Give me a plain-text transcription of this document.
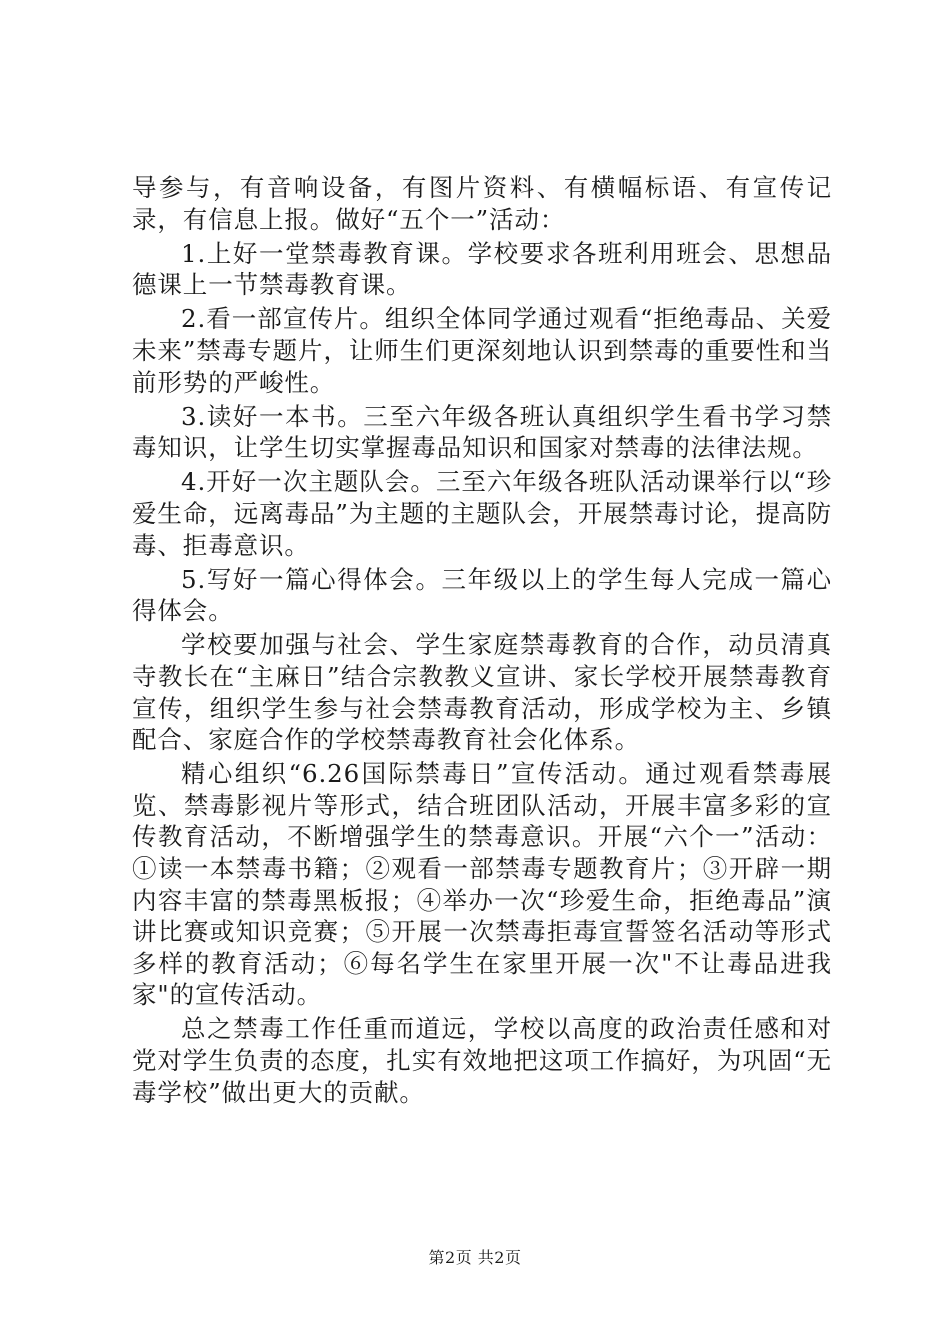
导参与，有音响设备，有图片资料、有横幅标语、有宣传记录，有信息上报。做好“五个一”活动：

1.上好一堂禁毒教育课。学校要求各班利用班会、思想品德课上一节禁毒教育课。

2.看一部宣传片。组织全体同学通过观看“拒绝毒品、关爱未来”禁毒专题片，让师生们更深刻地认识到禁毒的重要性和当前形势的严峻性。

3.读好一本书。三至六年级各班认真组织学生看书学习禁毒知识，让学生切实掌握毒品知识和国家对禁毒的法律法规。

4.开好一次主题队会。三至六年级各班队活动课举行以“珍爱生命，远离毒品”为主题的主题队会，开展禁毒讨论，提高防毒、拒毒意识。

5.写好一篇心得体会。三年级以上的学生每人完成一篇心得体会。

学校要加强与社会、学生家庭禁毒教育的合作，动员清真寺教长在“主麻日”结合宗教教义宣讲、家长学校开展禁毒教育宣传，组织学生参与社会禁毒教育活动，形成学校为主、乡镇配合、家庭合作的学校禁毒教育社会化体系。

精心组织“6.26国际禁毒日”宣传活动。通过观看禁毒展览、禁毒影视片等形式，结合班团队活动，开展丰富多彩的宣传教育活动，不断增强学生的禁毒意识。开展“六个一”活动：①读一本禁毒书籍；②观看一部禁毒专题教育片；③开辟一期内容丰富的禁毒黑板报；④举办一次“珍爱生命，拒绝毒品”演讲比赛或知识竞赛；⑤开展一次禁毒拒毒宣誓签名活动等形式多样的教育活动；⑥每名学生在家里开展一次"不让毒品进我家"的宣传活动。

总之禁毒工作任重而道远，学校以高度的政治责任感和对党对学生负责的态度，扎实有效地把这项工作搞好，为巩固“无毒学校”做出更大的贡献。

第2页 共2页
